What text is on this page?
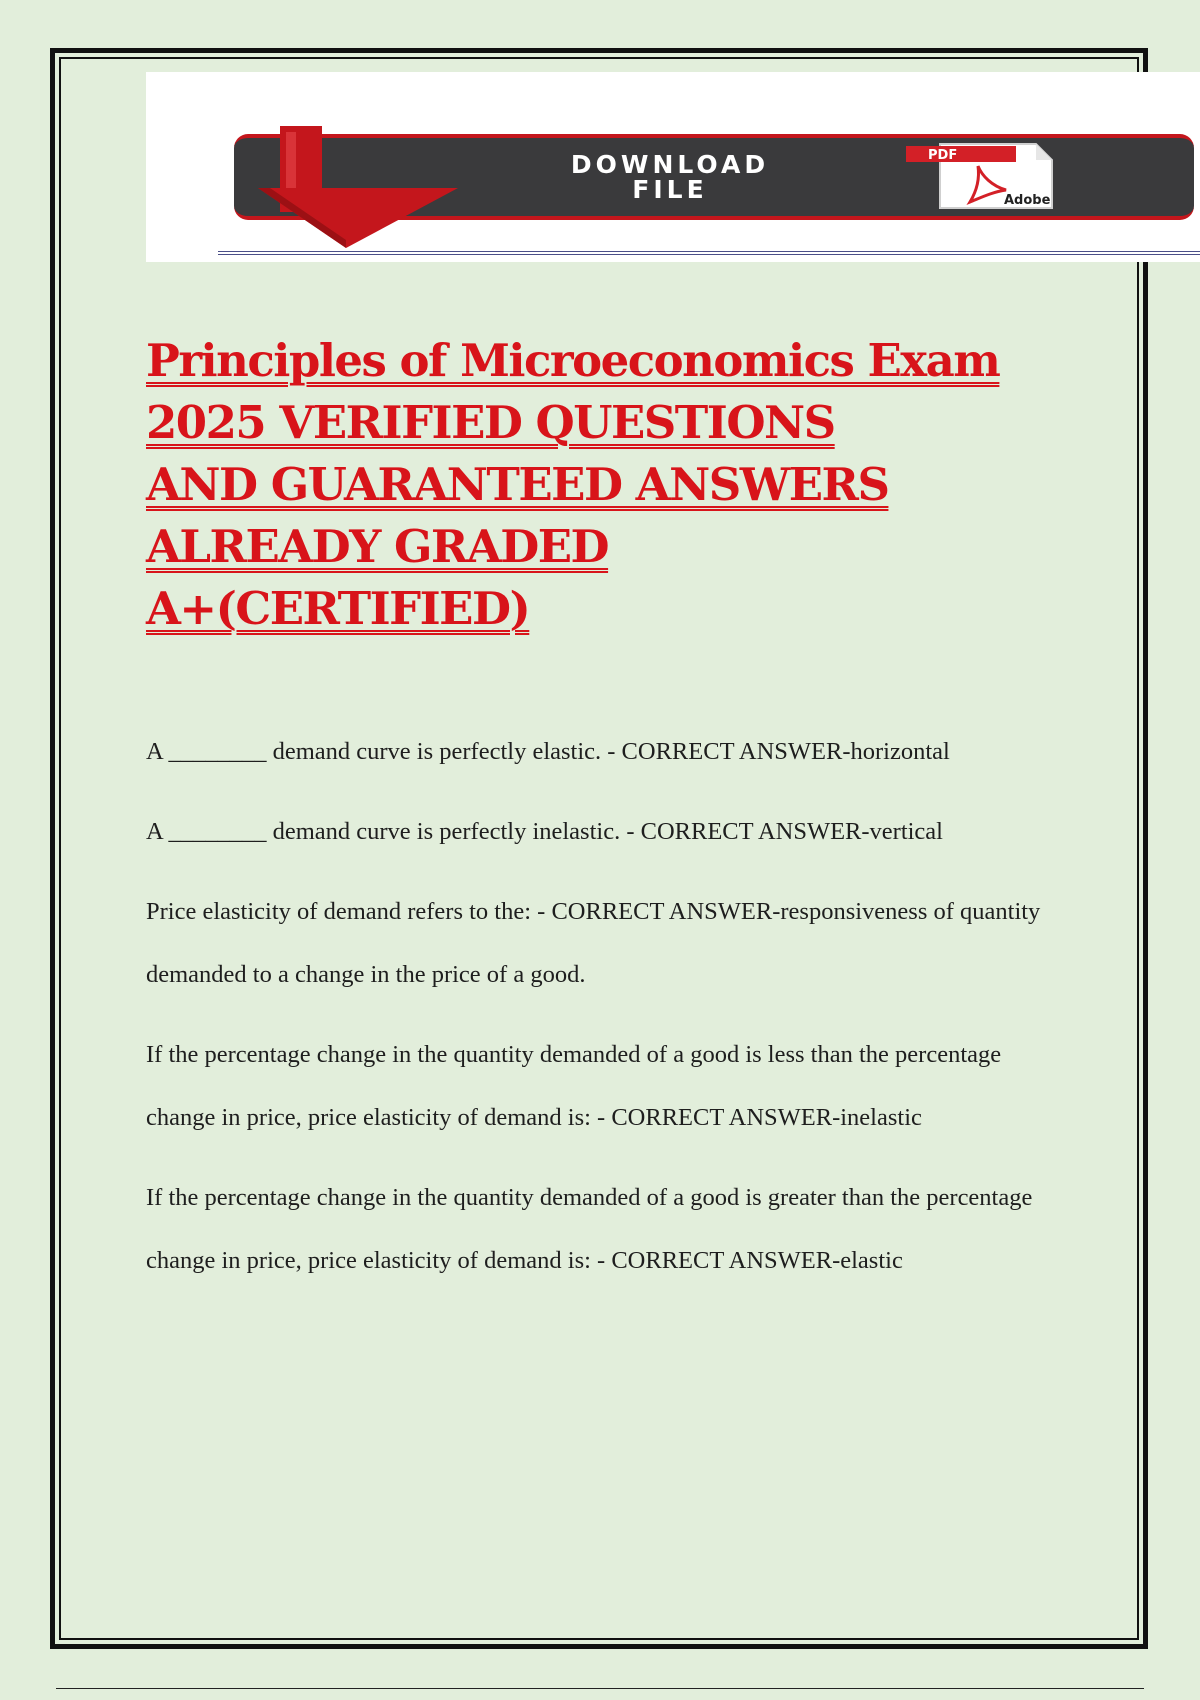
DOWNLOAD
FILE
PDF
Adobe
Principles of Microeconomics Exam
2025 VERIFIED QUESTIONS
AND GUARANTEED ANSWERS
ALREADY GRADED
A+(CERTIFIED)

A ________ demand curve is perfectly elastic. - CORRECT ANSWER-horizontal

A ________ demand curve is perfectly inelastic. - CORRECT ANSWER-vertical

Price elasticity of demand refers to the: - CORRECT ANSWER-responsiveness of quantity demanded to a change in the price of a good.

If the percentage change in the quantity demanded of a good is less than the percentage change in price, price elasticity of demand is: - CORRECT ANSWER-inelastic

If the percentage change in the quantity demanded of a good is greater than the percentage change in price, price elasticity of demand is: - CORRECT ANSWER-elastic
